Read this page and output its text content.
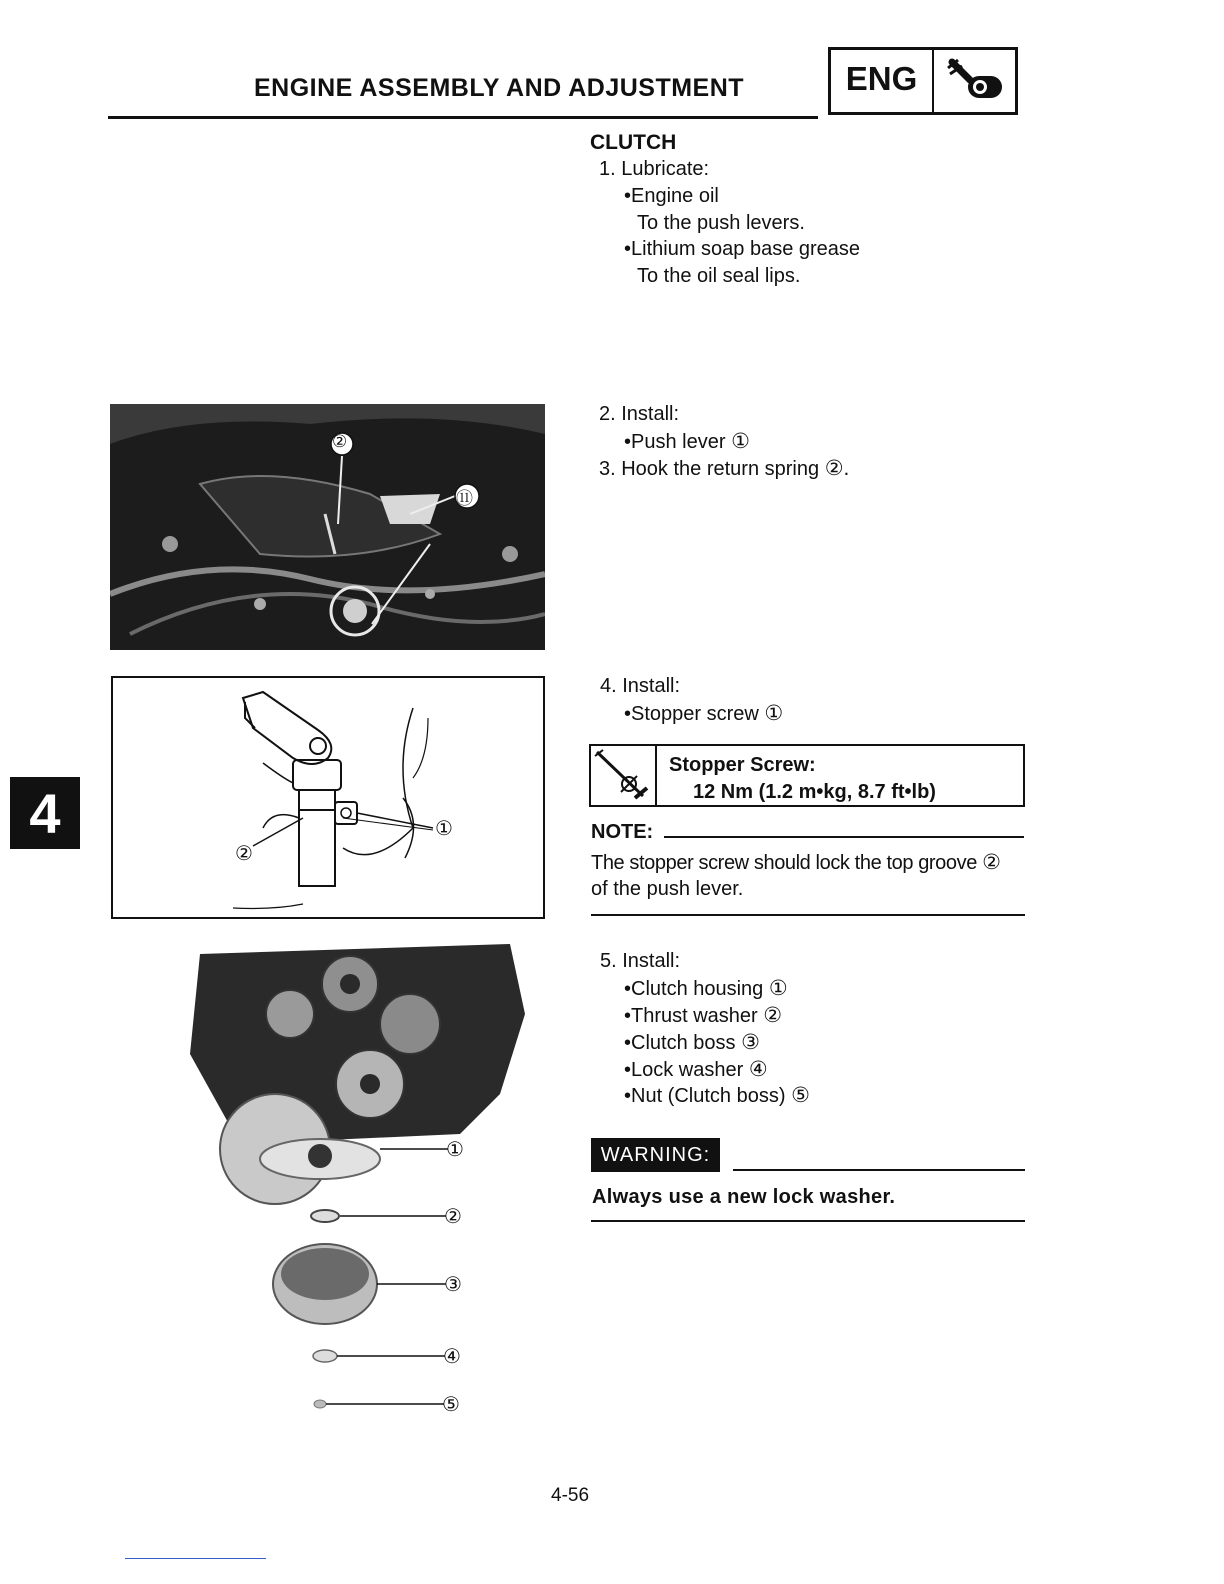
ENGINE ASSEMBLY AND ADJUSTMENT	ENG
4
CLUTCH
1. Lubricate:
•Engine oil
To the push levers.
•Lithium soap base grease
To the oil seal lips.
2. Install:
•Push lever ①
3. Hook the return spring ②.
4. Install:
•Stopper screw ①
Stopper Screw:
12 Nm (1.2 m•kg, 8.7 ft•lb)
NOTE:
The stopper screw should lock the top groove ②
of the push lever.
5. Install:
•Clutch housing ①
•Thrust washer ②
•Clutch boss ③
•Lock washer ④
•Nut (Clutch boss) ⑤
WARNING:
Always use a new lock washer.
②
⑪
①
②
①
②
③
④
⑤
4-56
